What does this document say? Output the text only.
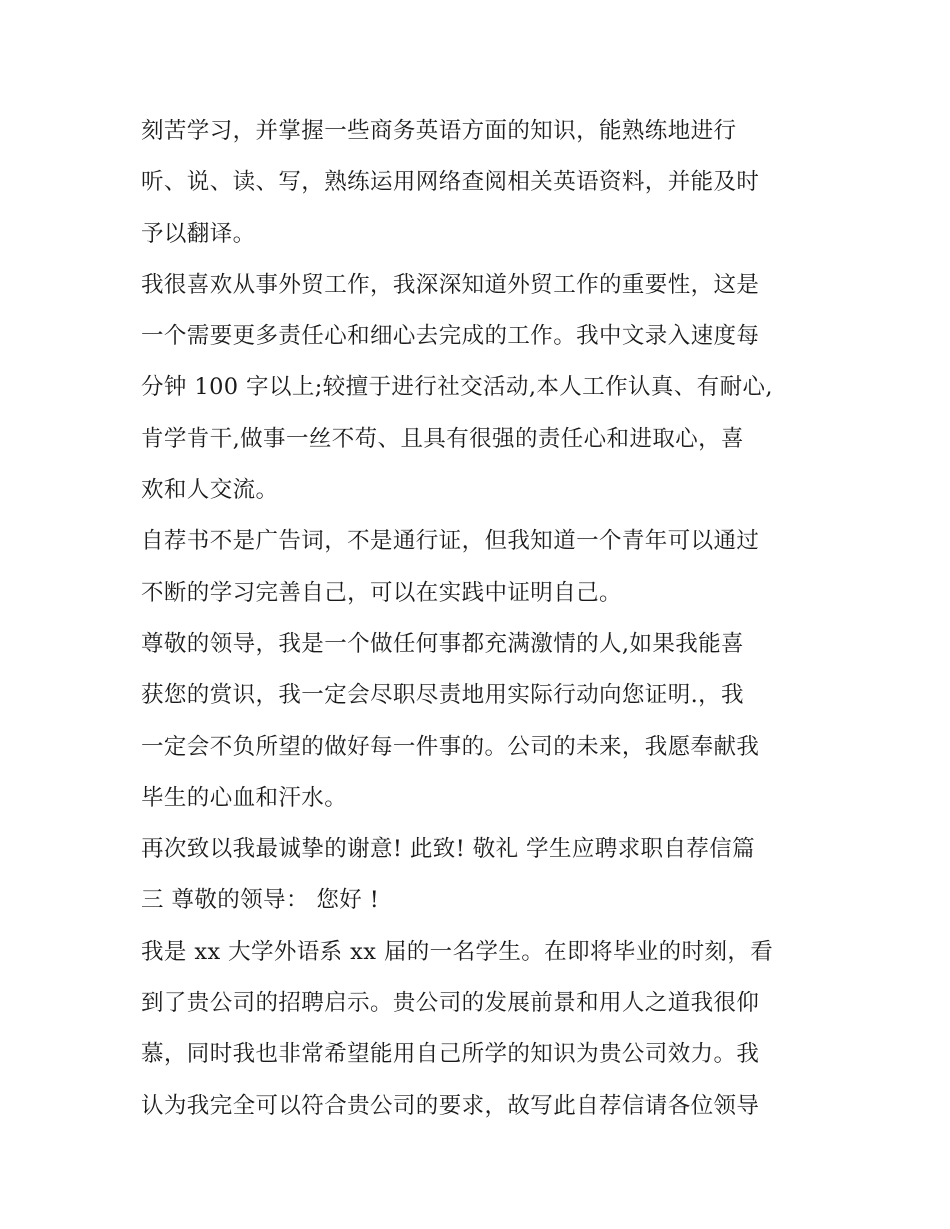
刻苦学习，并掌握一些商务英语方面的知识，能熟练地进行
听、说、读、写，熟练运用网络查阅相关英语资料，并能及时
予以翻译。
我很喜欢从事外贸工作，我深深知道外贸工作的重要性，这是
一个需要更多责任心和细心去完成的工作。我中文录入速度每
分钟 100 字以上;较擅于进行社交活动,本人工作认真、有耐心,
肯学肯干,做事一丝不苟、且具有很强的责任心和进取心，喜
欢和人交流。
自荐书不是广告词，不是通行证，但我知道一个青年可以通过
不断的学习完善自己，可以在实践中证明自己。
尊敬的领导，我是一个做任何事都充满激情的人,如果我能喜
获您的赏识，我一定会尽职尽责地用实际行动向您证明.，我
一定会不负所望的做好每一件事的。公司的未来，我愿奉献我
毕生的心血和汗水。
再次致以我最诚挚的谢意! 此致! 敬礼 学生应聘求职自荐信篇
三 尊敬的领导： 您好 !
我是 xx 大学外语系 xx 届的一名学生。在即将毕业的时刻，看
到了贵公司的招聘启示。贵公司的发展前景和用人之道我很仰
慕，同时我也非常希望能用自己所学的知识为贵公司效力。我
认为我完全可以符合贵公司的要求，故写此自荐信请各位领导
